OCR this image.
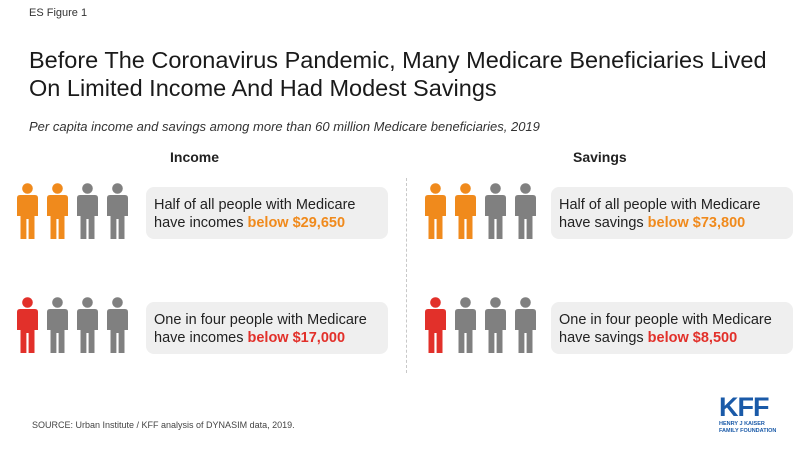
ES Figure 1
Before The Coronavirus Pandemic, Many Medicare Beneficiaries Lived On Limited Income And Had Modest Savings
Per capita income and savings among more than 60 million Medicare beneficiaries, 2019
Income	Savings
Half of all people with Medicare
have incomes below $29,650
One in four people with Medicare
have incomes below $17,000
Half of all people with Medicare
have savings below $73,800
One in four people with Medicare
have savings below $8,500
SOURCE: Urban Institute / KFF analysis of DYNASIM data, 2019.
KFF
HENRY J KAISER
FAMILY FOUNDATION
